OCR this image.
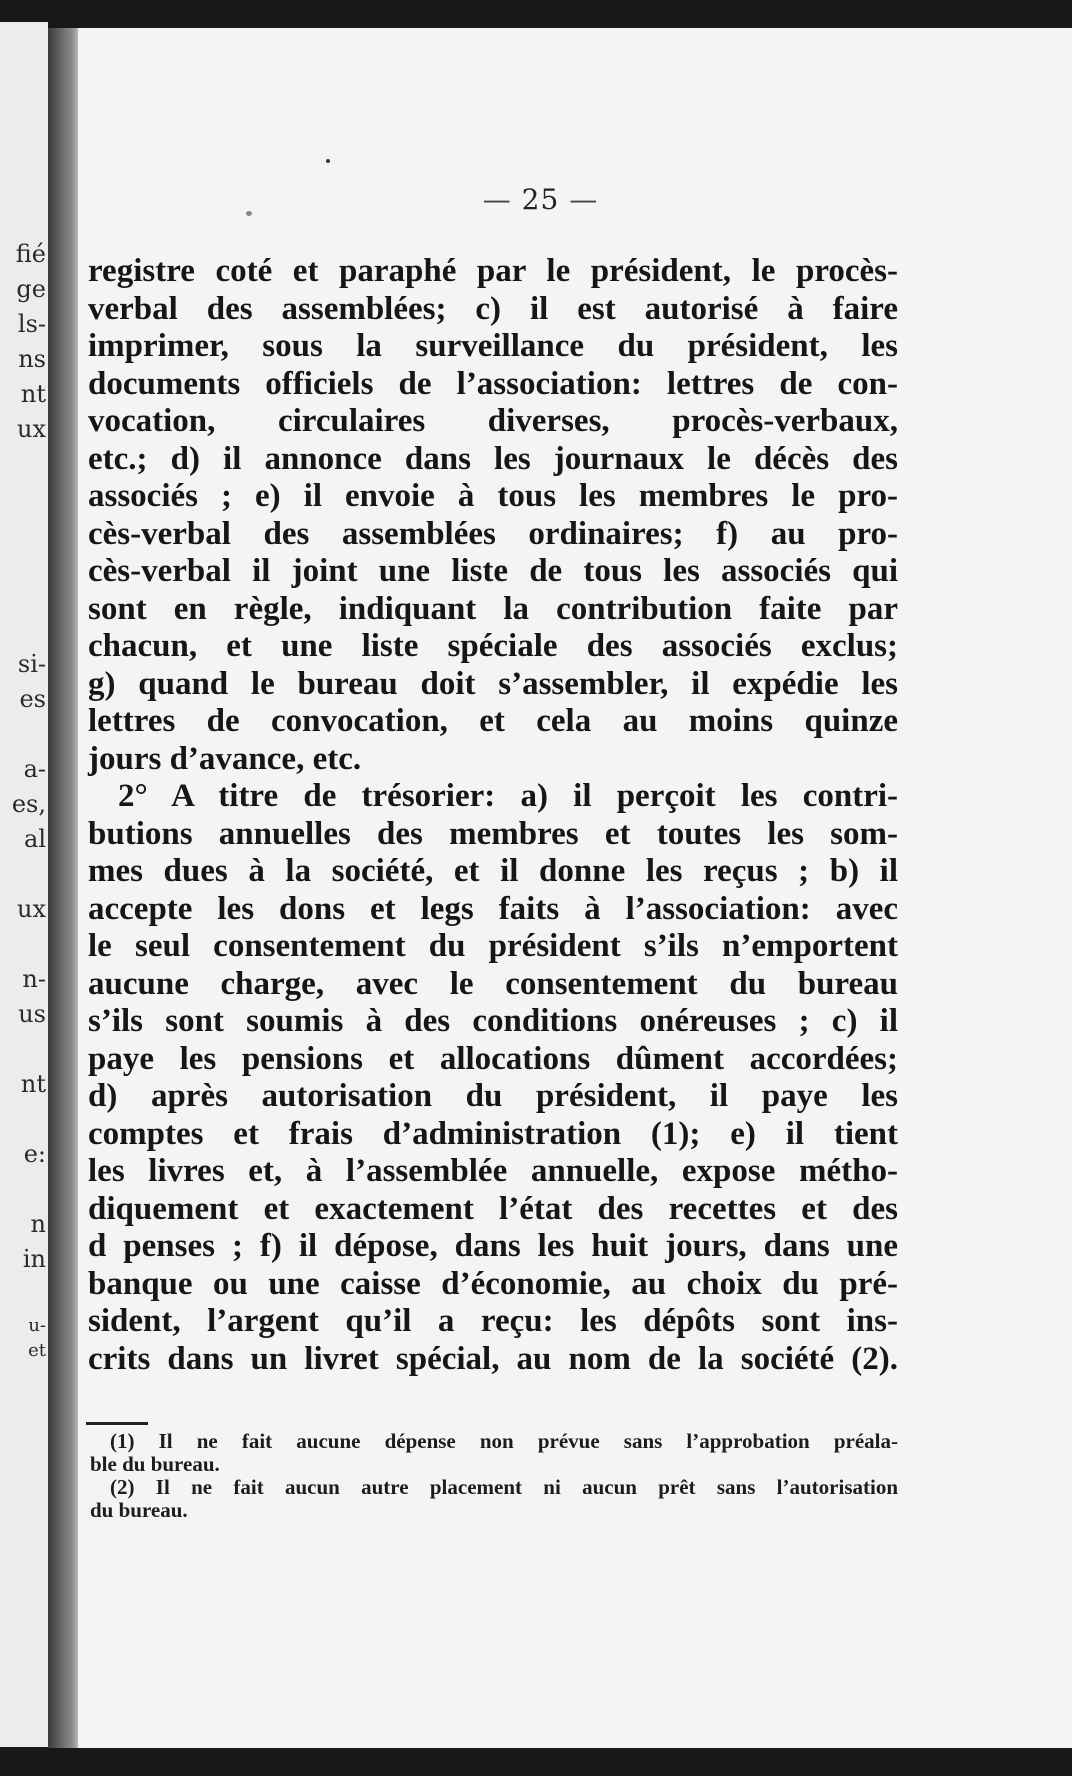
fié
ge
ls-
ns
nt
ux
si-
es
a-
es,
al
ux
n-
us
nt
e:
n
in
u-
et
— 25 —
registre coté et paraphé par le président, le procès-
verbal des assemblées; c) il est autorisé à faire
imprimer, sous la surveillance du président, les
documents officiels de l’association: lettres de con-
vocation, circulaires diverses, procès-verbaux,
etc.; d) il annonce dans les journaux le décès des
associés ; e) il envoie à tous les membres le pro-
cès-verbal des assemblées ordinaires; f) au pro-
cès-verbal il joint une liste de tous les associés qui
sont en règle, indiquant la contribution faite par
chacun, et une liste spéciale des associés exclus;
g) quand le bureau doit s’assembler, il expédie les
lettres de convocation, et cela au moins quinze
jours d’avance, etc.
2° A titre de trésorier: a) il perçoit les contri-
butions annuelles des membres et toutes les som-
mes dues à la société, et il donne les reçus ; b) il
accepte les dons et legs faits à l’association: avec
le seul consentement du président s’ils n’emportent
aucune charge, avec le consentement du bureau
s’ils sont soumis à des conditions onéreuses ; c) il
paye les pensions et allocations dûment accordées;
d) après autorisation du président, il paye les
comptes et frais d’administration (1); e) il tient
les livres et, à l’assemblée annuelle, expose métho-
diquement et exactement l’état des recettes et des
d penses ; f) il dépose, dans les huit jours, dans une
banque ou une caisse d’économie, au choix du pré-
sident, l’argent qu’il a reçu: les dépôts sont ins-
crits dans un livret spécial, au nom de la société (2).
(1) Il ne fait aucune dépense non prévue sans l’approbation préala-
ble du bureau.
(2) Il ne fait aucun autre placement ni aucun prêt sans l’autorisation
du bureau.
